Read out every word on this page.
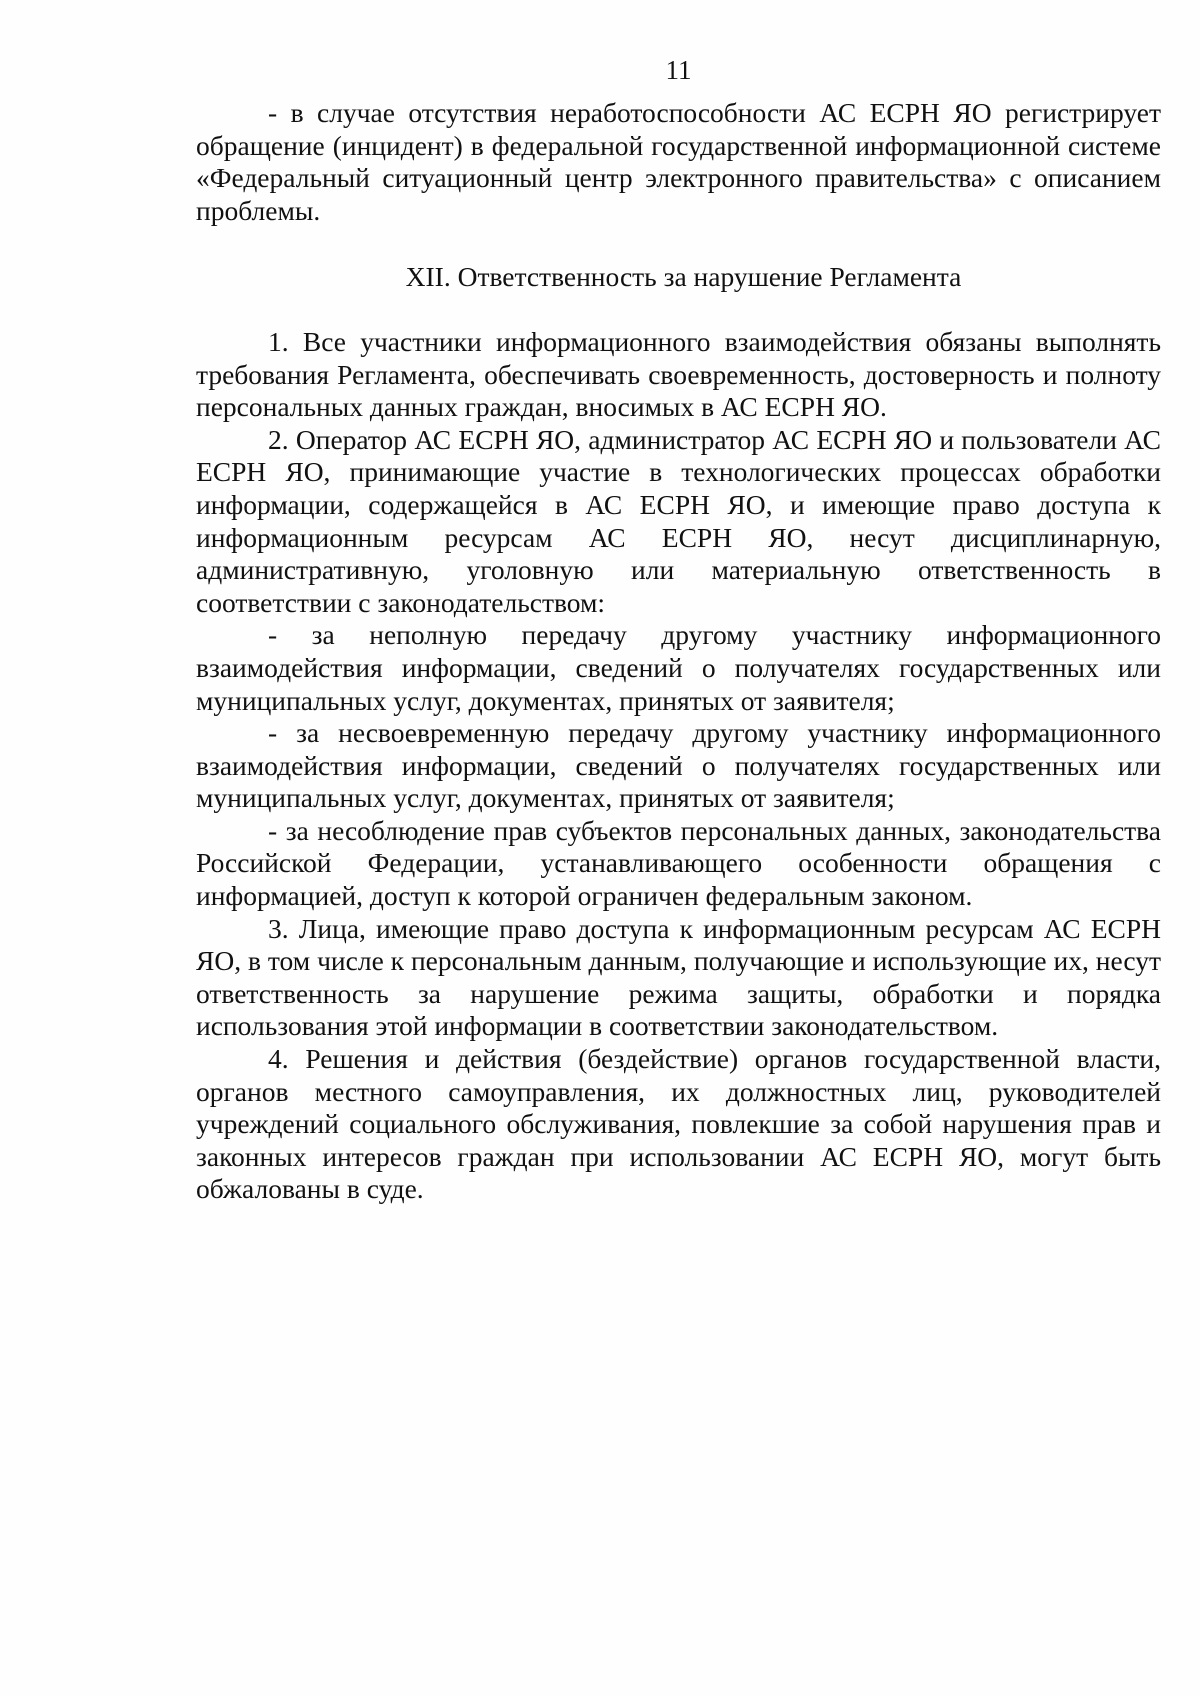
11

- в случае отсутствия неработоспособности АС ЕСРН ЯО регистрирует обращение (инцидент) в федеральной государственной информационной системе «Федеральный ситуационный центр электронного правительства» с описанием проблемы.

XII. Ответственность за нарушение Регламента

1. Все участники информационного взаимодействия обязаны выполнять требования Регламента, обеспечивать своевременность, достоверность и полноту персональных данных граждан, вносимых в АС ЕСРН ЯО.

2. Оператор АС ЕСРН ЯО, администратор АС ЕСРН ЯО и пользователи АС ЕСРН ЯО, принимающие участие в технологических процессах обработки информации, содержащейся в АС ЕСРН ЯО, и имеющие право доступа к информационным ресурсам АС ЕСРН ЯО, несут дисциплинарную, административную, уголовную или материальную ответственность в соответствии с законодательством:

- за неполную передачу другому участнику информационного взаимодействия информации, сведений о получателях государственных или муниципальных услуг, документах, принятых от заявителя;

- за несвоевременную передачу другому участнику информационного взаимодействия информации, сведений о получателях государственных или муниципальных услуг, документах, принятых от заявителя;

- за несоблюдение прав субъектов персональных данных, законодательства Российской Федерации, устанавливающего особенности обращения с информацией, доступ к которой ограничен федеральным законом.

3. Лица, имеющие право доступа к информационным ресурсам АС ЕСРН ЯО, в том числе к персональным данным, получающие и использующие их, несут ответственность за нарушение режима защиты, обработки и порядка использования этой информации в соответствии законодательством.

4. Решения и действия (бездействие) органов государственной власти, органов местного самоуправления, их должностных лиц, руководителей учреждений социального обслуживания, повлекшие за собой нарушения прав и законных интересов граждан при использовании АС ЕСРН ЯО, могут быть обжалованы в суде.
